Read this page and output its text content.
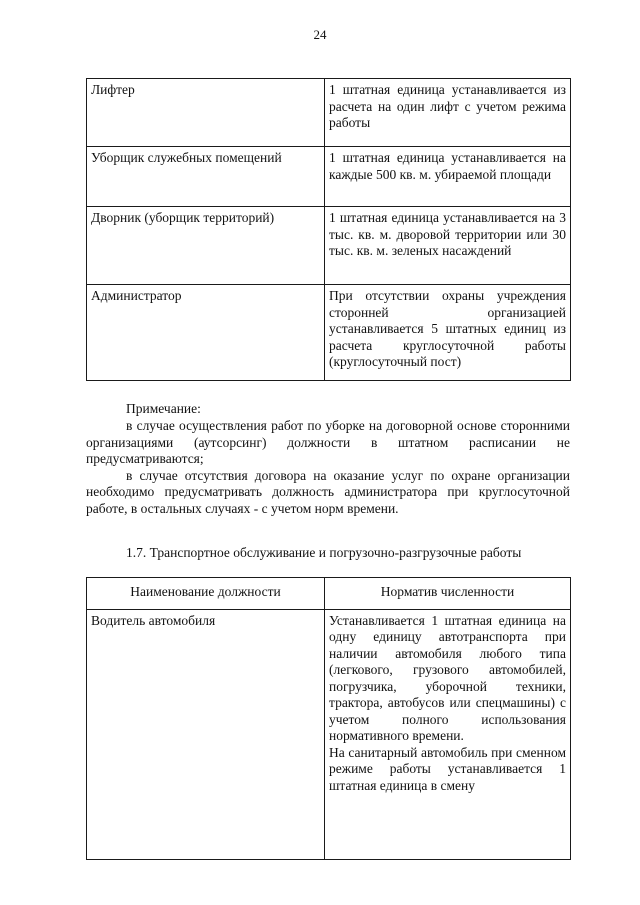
24
Лифтер	1 штатная единица устанавливается из расчета на один лифт с учетом режима работы
Уборщик служебных помещений	1 штатная единица устанавливается на каждые 500 кв. м. убираемой площади
Дворник (уборщик территорий)	1 штатная единица устанавливается на 3 тыс. кв. м. дворовой территории или 30 тыс. кв. м. зеленых насаждений
Администратор	При отсутствии охраны учреждения сторонней организацией устанавливается 5 штатных единиц из расчета круглосуточной работы (круглосуточный пост)

Примечание:

в случае осуществления работ по уборке на договорной основе сторонними организациями (аутсорсинг) должности в штатном расписании не предусматриваются;

в случае отсутствия договора на оказание услуг по охране организации необходимо предусматривать должность администратора при круглосуточной работе, в остальных случаях - с учетом норм времени.

1.7. Транспортное обслуживание и погрузочно-разгрузочные работы
Наименование должности	Норматив численности
Водитель автомобиля	Устанавливается 1 штатная единица на одну единицу автотранспорта при наличии автомобиля любого типа (легкового, грузового автомобилей, погрузчика, уборочной техники, трактора, автобусов или спецмашины) с учетом полного использования нормативного времени.
На санитарный автомобиль при сменном режиме работы устанавливается 1 штатная единица в смену
